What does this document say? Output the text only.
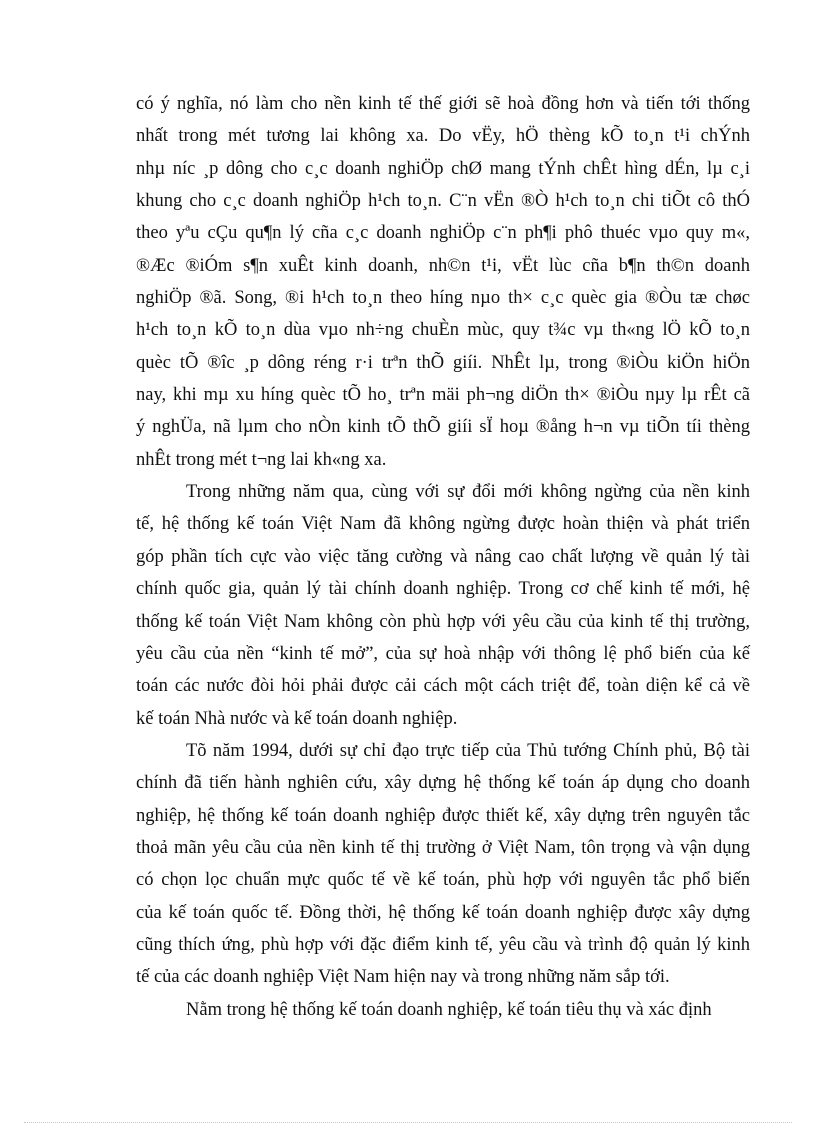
có ý nghĩa, nó làm cho nền kinh tế thế giới sẽ hoà đồng hơn và tiến tới thống
nhất trong mét tương lai không xa. Do vËy, hÖ thèng kÕ to¸n t¹i chÝnh
nhµ níc ¸p dông cho c¸c doanh nghiÖp chØ mang tÝnh chÊt hìng dÉn, lµ c¸i
khung cho c¸c doanh nghiÖp h¹ch to¸n. C¨n vËn ®Ò h¹ch to¸n chi tiÕt cô thÓ
theo yªu cÇu qu¶n lý cña c¸c doanh nghiÖp c¨n ph¶i phô thuéc vµo quy m«,
®Æc ®iÓm s¶n xuÊt kinh doanh, nh©n t¹i, vËt lùc cña b¶n th©n doanh
nghiÖp ®ã. Song, ®i h¹ch to¸n theo híng nµo th× c¸c quèc gia ®Òu tæ chøc
h¹ch to¸n kÕ to¸n dùa vµo nh÷ng chuÈn mùc, quy t¾c vµ th«ng lÖ kÕ to¸n
quèc tÕ ®îc ¸p dông réng r·i trªn thÕ giíi. NhÊt lµ, trong ®iÒu kiÖn hiÖn
nay, khi mµ xu híng quèc tÕ ho¸ trªn mäi ph¬ng diÖn th× ®iÒu nµy lµ rÊt cã
ý nghÜa, nã lµm cho nÒn kinh tÕ thÕ giíi sÏ hoµ ®ång h¬n vµ tiÕn tíi thèng
nhÊt trong mét t¬ng lai kh«ng xa.
Trong những năm qua, cùng với sự đổi mới không ngừng của nền kinh
tế, hệ thống kế toán Việt Nam đã không ngừng được hoàn thiện và phát triển
góp phần tích cực vào việc tăng cường và nâng cao chất lượng về quản lý tài
chính quốc gia, quản lý tài chính doanh nghiệp. Trong cơ chế kinh tế mới, hệ
thống kế toán Việt Nam không còn phù hợp với yêu cầu của kinh tế thị trường,
yêu cầu của nền “kinh tế mở”, của sự hoà nhập với thông lệ phổ biến của kế
toán các nước đòi hỏi phải được cải cách một cách triệt để, toàn diện kể cả về
kế toán Nhà nước và kế toán doanh nghiệp.
Tõ năm 1994, dưới sự chỉ đạo trực tiếp của Thủ tướng Chính phủ, Bộ tài
chính đã tiến hành nghiên cứu, xây dựng hệ thống kế toán áp dụng cho doanh
nghiệp, hệ thống kế toán doanh nghiệp được thiết kế, xây dựng trên nguyên tắc
thoả mãn yêu cầu của nền kinh tế thị trường ở Việt Nam, tôn trọng và vận dụng
có chọn lọc chuẩn mực quốc tế về kế toán, phù hợp với nguyên tắc phổ biến
của kế toán quốc tế. Đồng thời, hệ thống kế toán doanh nghiệp được xây dựng
cũng thích ứng, phù hợp với đặc điểm kinh tế, yêu cầu và trình độ quản lý kinh
tế của các doanh nghiệp Việt Nam hiện nay và trong những năm sắp tới.
Nằm trong hệ thống kế toán doanh nghiệp, kế toán tiêu thụ và xác định
